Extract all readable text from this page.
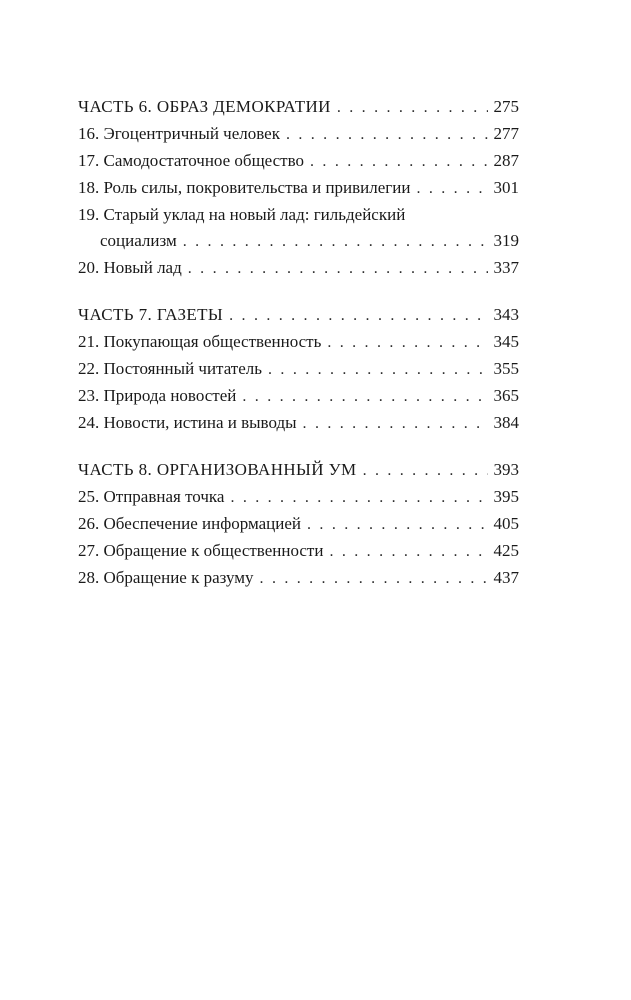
ЧАСТЬ 6. ОБРАЗ ДЕМОКРАТИИ . . .	275
16. Эгоцентричный человек . . .	277
17. Самодостаточное общество . . .	287
18. Роль силы, покровительства и привилегии . . .	301
19. Старый уклад на новый лад: гильдейский
социализм . . .	319
20. Новый лад . . .	337
ЧАСТЬ 7. ГАЗЕТЫ . . .	343
21. Покупающая общественность . . .	345
22. Постоянный читатель . . .	355
23. Природа новостей . . .	365
24. Новости, истина и выводы . . .	384
ЧАСТЬ 8. ОРГАНИЗОВАННЫЙ УМ . . .	393
25. Отправная точка . . .	395
26. Обеспечение информацией . . .	405
27. Обращение к общественности . . .	425
28. Обращение к разуму . . .	437
